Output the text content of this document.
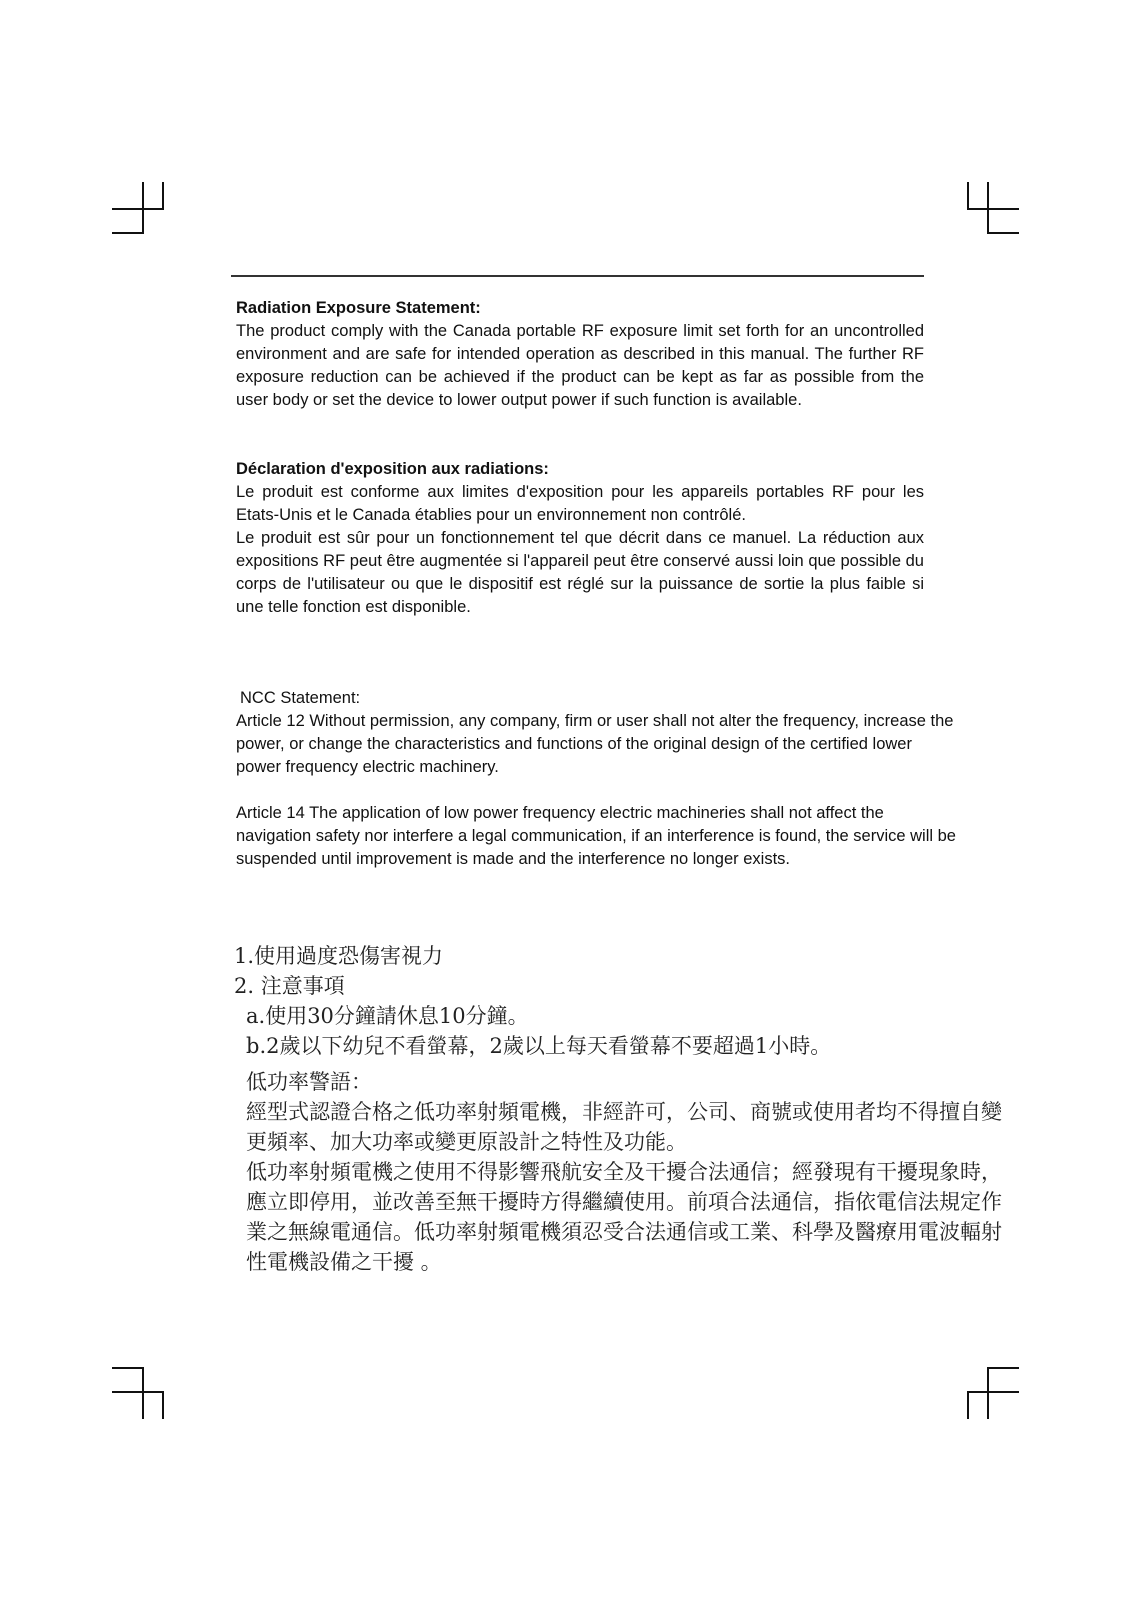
Radiation Exposure Statement:

The product comply with the Canada portable RF exposure limit set forth for an uncontrolled environment and are safe for intended operation as described in this manual. The further RF exposure reduction can be achieved if the product can be kept as far as possible from the user body or set the device to lower output power if such function is available.

Déclaration d'exposition aux radiations:

Le produit est conforme aux limites d'exposition pour les appareils portables RF pour les Etats-Unis et le Canada établies pour un environnement non contrôlé.

Le produit est sûr pour un fonctionnement tel que décrit dans ce manuel. La réduction aux expositions RF peut être augmentée si l'appareil peut être conservé aussi loin que possible du corps de l'utilisateur ou que le dispositif est réglé sur la puissance de sortie la plus faible si une telle fonction est disponible.

NCC Statement:

Article 12 Without permission, any company, firm or user shall not alter the frequency, increase the power, or change the characteristics and functions of the original design of the certified lower power frequency electric machinery.

Article 14 The application of low power frequency electric machineries shall not affect the navigation safety nor interfere a legal communication, if an interference is found, the service will be suspended until improvement is made and the interference no longer exists.

1.使用過度恐傷害視力

2. 注意事項

a.使用30分鐘請休息10分鐘。

b.2歲以下幼兒不看螢幕，2歲以上每天看螢幕不要超過1小時。

低功率警語：

經型式認證合格之低功率射頻電機，非經許可，公司、商號或使用者均不得擅自變更頻率、加大功率或變更原設計之特性及功能。

低功率射頻電機之使用不得影響飛航安全及干擾合法通信；經發現有干擾現象時，應立即停用，並改善至無干擾時方得繼續使用。前項合法通信，指依電信法規定作業之無線電通信。低功率射頻電機須忍受合法通信或工業、科學及醫療用電波輻射性電機設備之干擾 。
